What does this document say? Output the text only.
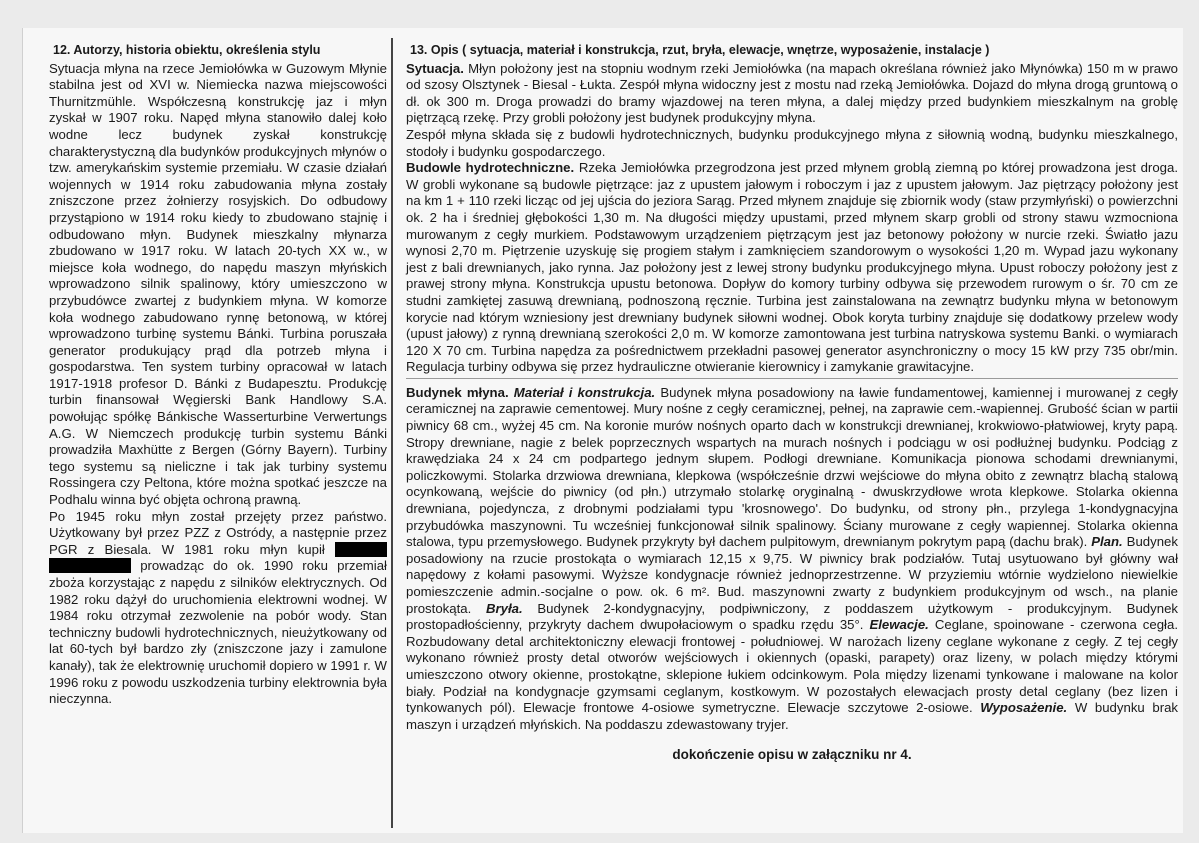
12. Autorzy, historia obiektu, określenia stylu

Sytuacja młyna na rzece Jemiołówka w Guzowym Młynie stabilna jest od XVI w. Niemiecka nazwa miejscowości Thurnitzmühle. Współczesną konstrukcję jaz i młyn zyskał w 1907 roku. Napęd młyna stanowiło dalej koło wodne lecz budynek zyskał konstrukcję charakterystyczną dla budynków produkcyjnych młynów o tzw. amerykańskim systemie przemiału. W czasie działań wojennych w 1914 roku zabudowania młyna zostały zniszczone przez żołnierzy rosyjskich. Do odbudowy przystąpiono w 1914 roku kiedy to zbudowano stajnię i odbudowano młyn. Budynek mieszkalny młynarza zbudowano w 1917 roku. W latach 20-tych XX w., w miejsce koła wodnego, do napędu maszyn młyńskich wprowadzono silnik spalinowy, który umieszczono w przybudówce zwartej z budynkiem młyna. W komorze koła wodnego zabudowano rynnę betonową, w której wprowadzono turbinę systemu Bánki. Turbina poruszała generator produkujący prąd dla potrzeb młyna i gospodarstwa. Ten system turbiny opracował w latach 1917-1918 profesor D. Bánki z Budapesztu. Produkcję turbin finansował Węgierski Bank Handlowy S.A. powołując spółkę Bánkische Wasserturbine Verwertungs A.G. W Niemczech produkcję turbin systemu Bánki prowadziła Maxhütte z Bergen (Górny Bayern). Turbiny tego systemu są nieliczne i tak jak turbiny systemu Rossingera czy Peltona, które można spotkać jeszcze na Podhalu winna być objęta ochroną prawną.

Po 1945 roku młyn został przejęty przez państwo. Użytkowany był przez PZZ z Ostródy, a następnie przez PGR z Biesala. W 1981 roku młyn kupił   prowadząc do ok. 1990 roku przemiał zboża korzystając z napędu z silników elektrycznych. Od 1982 roku dążył do uruchomienia elektrowni wodnej. W 1984 roku otrzymał zezwolenie na pobór wody. Stan techniczny budowli hydrotechnicznych, nieużytkowany od lat 60-tych był bardzo zły (zniszczone jazy i zamulone kanały), tak że elektrownię uruchomił dopiero w 1991 r. W 1996 roku z powodu uszkodzenia turbiny elektrownia była nieczynna.

13. Opis ( sytuacja, materiał i konstrukcja, rzut, bryła, elewacje, wnętrze, wyposażenie, instalacje )

Sytuacja. Młyn położony jest na stopniu wodnym rzeki Jemiołówka (na mapach określana również jako Młynówka) 150 m w prawo od szosy Olsztynek - Biesal - Łukta. Zespół młyna widoczny jest z mostu nad rzeką Jemiołówka. Dojazd do młyna drogą gruntową o dł. ok 300 m. Droga prowadzi do bramy wjazdowej na teren młyna, a dalej między przed budynkiem mieszkalnym na groblę piętrzącą rzekę. Przy grobli położony jest budynek produkcyjny młyna.

Zespół młyna składa się z budowli hydrotechnicznych, budynku produkcyjnego młyna z siłownią wodną, budynku mieszkalnego, stodoły i budynku gospodarczego.

Budowle hydrotechniczne. Rzeka Jemiołówka przegrodzona jest przed młynem groblą ziemną po której prowadzona jest droga. W grobli wykonane są budowle piętrzące: jaz z upustem jałowym i roboczym i jaz z upustem jałowym. Jaz piętrzący położony jest na km 1 + 110 rzeki licząc od jej ujścia do jeziora Sarąg. Przed młynem znajduje się zbiornik wody (staw przymłyński) o powierzchni ok. 2 ha i średniej głębokości 1,30 m. Na długości między upustami, przed młynem skarp grobli od strony stawu wzmocniona murowanym z cegły murkiem. Podstawowym urządzeniem piętrzącym jest jaz betonowy położony w nurcie rzeki. Światło jazu wynosi 2,70 m. Piętrzenie uzyskuję się progiem stałym i zamknięciem szandorowym o wysokości 1,20 m. Wypad jazu wykonany jest z bali drewnianych, jako rynna. Jaz położony jest z lewej strony budynku produkcyjnego młyna. Upust roboczy położony jest z prawej strony młyna. Konstrukcja upustu betonowa. Dopływ do komory turbiny odbywa się przewodem rurowym o śr. 70 cm ze studni zamkiętej zasuwą drewnianą, podnoszoną ręcznie. Turbina jest zainstalowana na zewnątrz budynku młyna w betonowym korycie nad którym wzniesiony jest drewniany budynek siłowni wodnej. Obok koryta turbiny znajduje się dodatkowy przelew wody (upust jałowy) z rynną drewnianą szerokości 2,0 m. W komorze zamontowana jest turbina natryskowa systemu Banki. o wymiarach 120 X 70 cm. Turbina napędza za pośrednictwem przekładni pasowej generator asynchroniczny o mocy 15 kW przy 735 obr/min. Regulacja turbiny odbywa się przez hydrauliczne otwieranie kierownicy i zamykanie grawitacyjne.

Budynek młyna. Materiał i konstrukcja. Budynek młyna posadowiony na ławie fundamentowej, kamiennej i murowanej z cegły ceramicznej na zaprawie cementowej. Mury nośne z cegły ceramicznej, pełnej, na zaprawie cem.-wapiennej. Grubość ścian w partii piwnicy 68 cm., wyżej 45 cm. Na koronie murów nośnych oparto dach w konstrukcji drewnianej, krokwiowo-płatwiowej, kryty papą. Stropy drewniane, nagie z belek poprzecznych wspartych na murach nośnych i podciągu w osi podłużnej budynku. Podciąg z krawędziaka 24 x 24 cm podpartego jednym słupem. Podłogi drewniane. Komunikacja pionowa schodami drewnianymi, policzkowymi. Stolarka drzwiowa drewniana, klepkowa (współcześnie drzwi wejściowe do młyna obito z zewnątrz blachą stalową ocynkowaną, wejście do piwnicy (od płn.) utrzymało stolarkę oryginalną - dwuskrzydłowe wrota klepkowe. Stolarka okienna drewniana, pojedyncza, z drobnymi podziałami typu 'krosnowego'. Do budynku, od strony płn., przylega 1-kondygnacyjna przybudówka maszynowni. Tu wcześniej funkcjonował silnik spalinowy. Ściany murowane z cegły wapiennej. Stolarka okienna stalowa, typu przemysłowego. Budynek przykryty był dachem pulpitowym, drewnianym pokrytym papą (dachu brak). Plan. Budynek posadowiony na rzucie prostokąta o wymiarach 12,15 x 9,75. W piwnicy brak podziałów. Tutaj usytuowano był główny wał napędowy z kołami pasowymi. Wyższe kondygnacje również jednoprzestrzenne. W przyziemiu wtórnie wydzielono niewielkie pomieszczenie admin.-socjalne o pow. ok. 6 m². Bud. maszynowni zwarty z budynkiem produkcyjnym od wsch., na planie prostokąta. Bryła. Budynek 2-kondygnacyjny, podpiwniczony, z poddaszem użytkowym - produkcyjnym. Budynek prostopadłościenny, przykryty dachem dwupołaciowym o spadku rzędu 35°. Elewacje. Ceglane, spoinowane - czerwona cegła. Rozbudowany detal architektoniczny elewacji frontowej - południowej. W narożach lizeny ceglane wykonane z cegły. Z tej cegły wykonano również prosty detal otworów wejściowych i okiennych (opaski, parapety) oraz lizeny, w polach między którymi umieszczono otwory okienne, prostokątne, sklepione łukiem odcinkowym. Pola między lizenami tynkowane i malowane na kolor biały. Podział na kondygnacje gzymsami ceglanym, kostkowym. W pozostałych elewacjach prosty detal ceglany (bez lizen i tynkowanych pól). Elewacje frontowe 4-osiowe symetryczne. Elewacje szczytowe 2-osiowe. Wyposażenie. W budynku brak maszyn i urządzeń młyńskich. Na poddaszu zdewastowany tryjer.

dokończenie opisu w załączniku nr 4.
